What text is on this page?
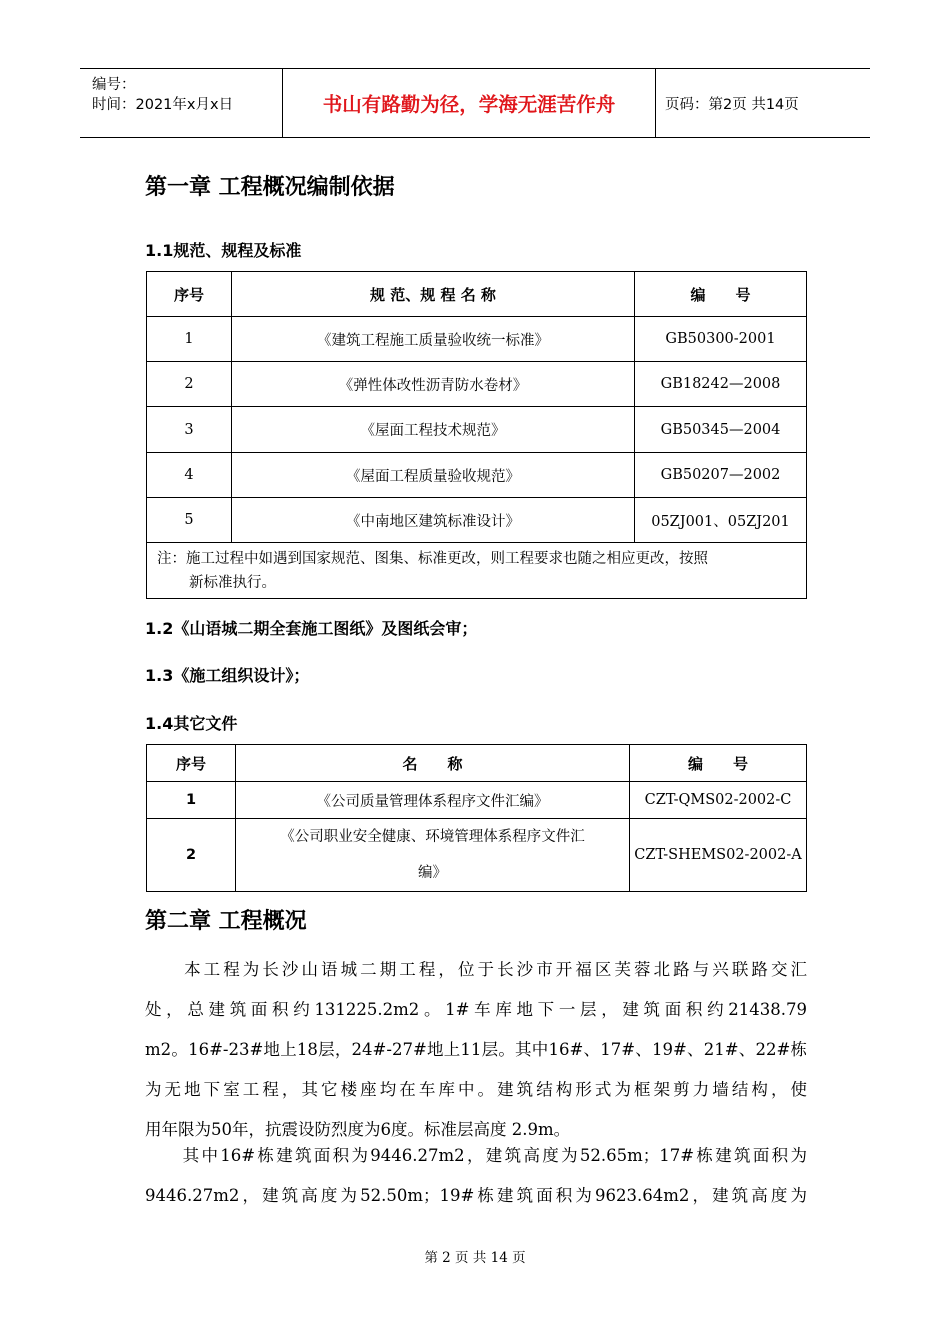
编号：
时间：2021年x月x日	书山有路勤为径，学海无涯苦作舟	页码：第2页 共14页
第一章 工程概况编制依据
1.1规范、规程及标准
序号	规 范、规 程 名 称	编　　号
1	《建筑工程施工质量验收统一标准》	GB50300-2001
2	《弹性体改性沥青防水卷材》	GB18242—2008
3	《屋面工程技术规范》	GB50345—2004
4	《屋面工程质量验收规范》	GB50207—2002
5	《中南地区建筑标准设计》	05ZJ001、05ZJ201
注：施工过程中如遇到国家规范、图集、标准更改，则工程要求也随之相应更改，按照
新标准执行。		
1.2《山语城二期全套施工图纸》及图纸会审；
1.3《施工组织设计》；
1.4其它文件
序号	名　　称	编　　号
1	《公司质量管理体系程序文件汇编》	CZT-QMS02-2002-C
2	《公司职业安全健康、环境管理体系程序文件汇
编》	CZT-SHEMS02-2002-A
第二章 工程概况
　　本工程为长沙山语城二期工程，位于长沙市开福区芙蓉北路与兴联路交汇
处，总建筑面积约131225.2m2。1#车库地下一层，建筑面积约21438.79
m2。16#-23#地上18层，24#-27#地上11层。其中16#、17#、19#、21#、22#栋
为无地下室工程，其它楼座均在车库中。建筑结构形式为框架剪力墙结构，使
用年限为50年，抗震设防烈度为6度。标准层高度 2.9m。
　　其中16#栋建筑面积为9446.27m2，建筑高度为52.65m；17#栋建筑面积为
9446.27m2，建筑高度为52.50m；19#栋建筑面积为9623.64m2，建筑高度为
第 2 页 共 14 页
